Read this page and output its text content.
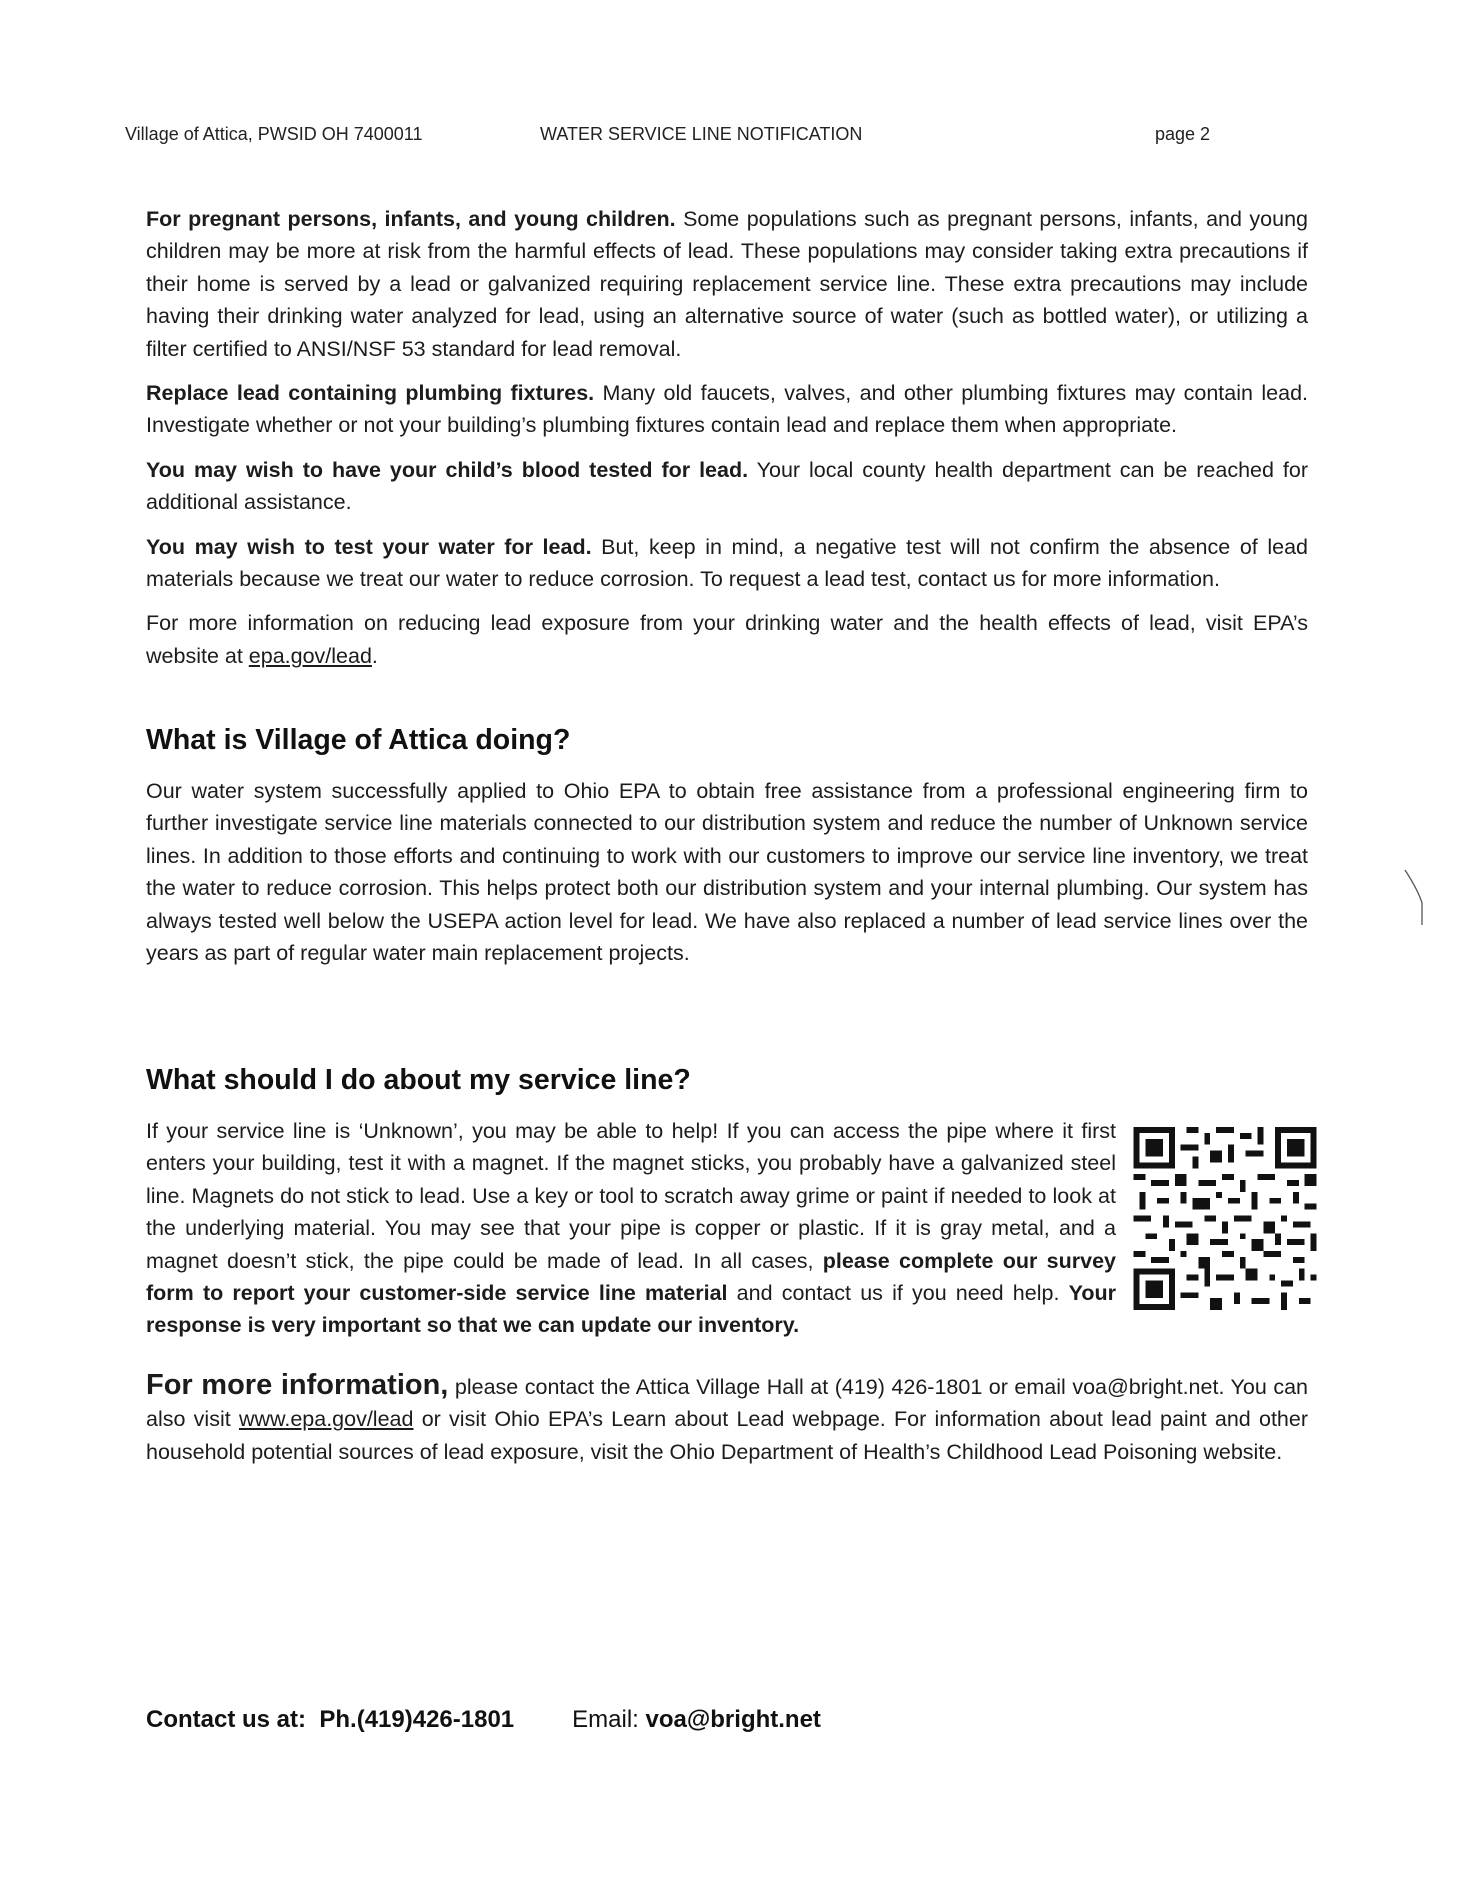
Village of Attica, PWSID OH 7400011	WATER SERVICE LINE NOTIFICATION	page 2

For pregnant persons, infants, and young children. Some populations such as pregnant persons, infants, and young children may be more at risk from the harmful effects of lead. These populations may consider taking extra precautions if their home is served by a lead or galvanized requiring replacement service line. These extra precautions may include having their drinking water analyzed for lead, using an alternative source of water (such as bottled water), or utilizing a filter certified to ANSI/NSF 53 standard for lead removal.

Replace lead containing plumbing fixtures. Many old faucets, valves, and other plumbing fixtures may contain lead. Investigate whether or not your building’s plumbing fixtures contain lead and replace them when appropriate.

You may wish to have your child’s blood tested for lead. Your local county health department can be reached for additional assistance.

You may wish to test your water for lead. But, keep in mind, a negative test will not confirm the absence of lead materials because we treat our water to reduce corrosion. To request a lead test, contact us for more information.

For more information on reducing lead exposure from your drinking water and the health effects of lead, visit EPA’s website at epa.gov/lead.

What is Village of Attica doing?

Our water system successfully applied to Ohio EPA to obtain free assistance from a professional engineering firm to further investigate service line materials connected to our distribution system and reduce the number of Unknown service lines. In addition to those efforts and continuing to work with our customers to improve our service line inventory, we treat the water to reduce corrosion. This helps protect both our distribution system and your internal plumbing. Our system has always tested well below the USEPA action level for lead. We have also replaced a number of lead service lines over the years as part of regular water main replacement projects.

What should I do about my service line?

If your service line is ‘Unknown’, you may be able to help! If you can access the pipe where it first enters your building, test it with a magnet. If the magnet sticks, you probably have a galvanized steel line. Magnets do not stick to lead. Use a key or tool to scratch away grime or paint if needed to look at the underlying material. You may see that your pipe is copper or plastic. If it is gray metal, and a magnet doesn’t stick, the pipe could be made of lead. In all cases, please complete our survey form to report your customer-side service line material and contact us if you need help. Your response is very important so that we can update our inventory.

For more information, please contact the Attica Village Hall at (419) 426-1801 or email voa@bright.net. You can also visit www.epa.gov/lead or visit Ohio EPA’s Learn about Lead webpage. For information about lead paint and other household potential sources of lead exposure, visit the Ohio Department of Health’s Childhood Lead Poisoning website.

Contact us at: Ph.(419)426-1801 Email: voa@bright.net
